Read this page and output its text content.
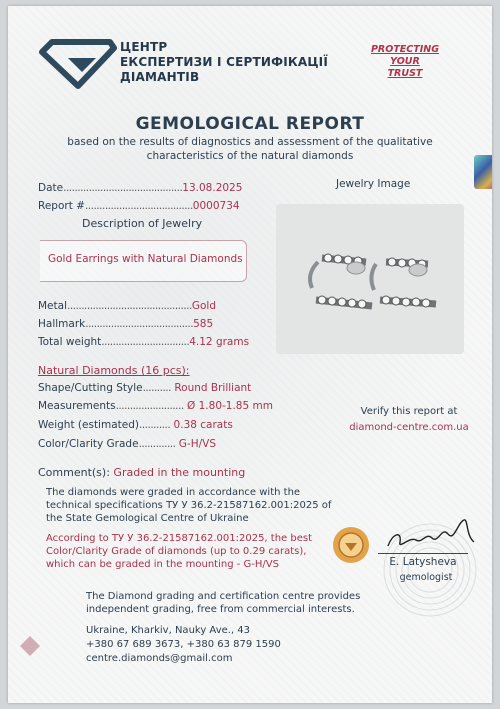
ЦЕНТР
ЕКСПЕРТИЗИ І СЕРТИФІКАЦІЇ
ДІАМАНТІВ
PROTECTING
YOUR
TRUST
GEMOLOGICAL REPORT
based on the results of diagnostics and assessment of the qualitative characteristics of the natural diamonds
Date..........................................13.08.2025
Report #......................................0000734
Description of Jewelry
Gold Earrings with Natural Diamonds
Jewelry Image
Metal............................................Gold
Hallmark......................................585
Total weight...............................4.12 grams
Natural Diamonds (16 pcs):
Shape/Cutting Style.......... Round Brilliant
Measurements........................ Ø 1.80-1.85 mm
Weight (estimated)........... 0.38 carats
Color/Clarity Grade............. G-H/VS
Verify this report at
diamond-centre.com.ua
Comment(s): Graded in the mounting
The diamonds were graded in accordance with the technical specifications ТУ У 36.2-21587162.001:2025 of the State Gemological Centre of Ukraine
According to ТУ У 36.2-21587162.001:2025, the best Color/Clarity Grade of diamonds (up to 0.29 carats), which can be graded in the mounting - G-H/VS	E. Latysheva
gemologist
The Diamond grading and certification centre provides independent grading, free from commercial interests.
Ukraine, Kharkiv, Nauky Ave., 43
+380 67 689 3673, +380 63 879 1590
centre.diamonds@gmail.com
